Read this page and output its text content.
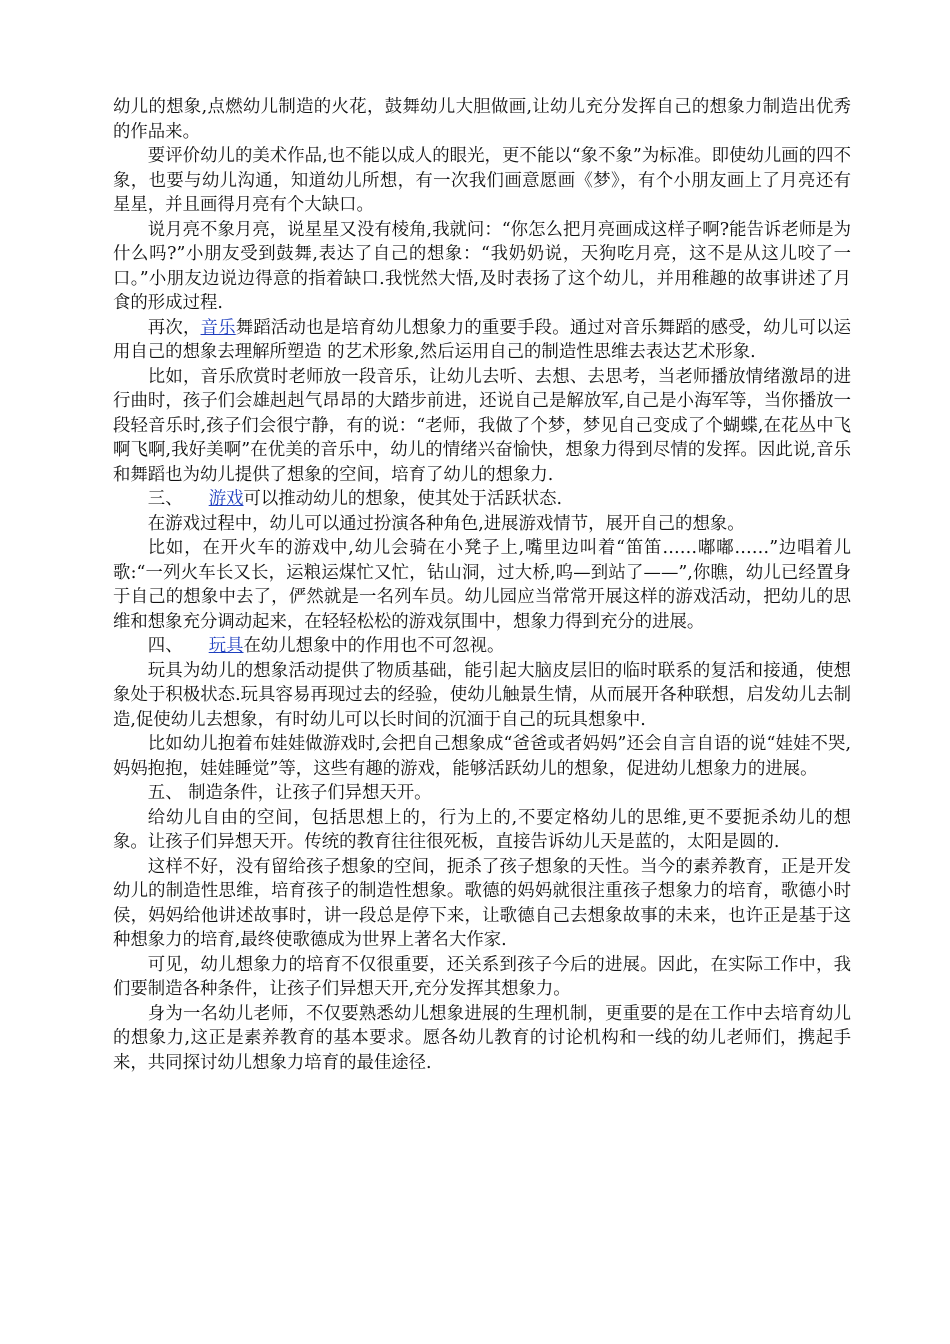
幼儿的想象,点燃幼儿制造的火花，鼓舞幼儿大胆做画,让幼儿充分发挥自己的想象力制造出优秀的作品来。

要评价幼儿的美术作品,也不能以成人的眼光，更不能以“象不象”为标准。即使幼儿画的四不象，也要与幼儿沟通，知道幼儿所想，有一次我们画意愿画《梦》，有个小朋友画上了月亮还有星星，并且画得月亮有个大缺口。

说月亮不象月亮，说星星又没有棱角,我就问：“你怎么把月亮画成这样子啊?能告诉老师是为什么吗?”小朋友受到鼓舞,表达了自己的想象：“我奶奶说，天狗吃月亮，这不是从这儿咬了一口。”小朋友边说边得意的指着缺口.我恍然大悟,及时表扬了这个幼儿，并用稚趣的故事讲述了月食的形成过程.

再次，音乐舞蹈活动也是培育幼儿想象力的重要手段。通过对音乐舞蹈的感受，幼儿可以运用自己的想象去理解所塑造 的艺术形象,然后运用自己的制造性思维去表达艺术形象.

比如，音乐欣赏时老师放一段音乐，让幼儿去听、去想、去思考，当老师播放情绪激昂的进行曲时，孩子们会雄赳赳气昂昂的大踏步前进，还说自己是解放军,自己是小海军等，当你播放一段轻音乐时,孩子们会很宁静，有的说：“老师，我做了个梦，梦见自己变成了个蝴蝶,在花丛中飞啊飞啊,我好美啊”在优美的音乐中，幼儿的情绪兴奋愉快，想象力得到尽情的发挥。因此说,音乐和舞蹈也为幼儿提供了想象的空间，培育了幼儿的想象力.

三、 游戏可以推动幼儿的想象，使其处于活跃状态.

在游戏过程中，幼儿可以通过扮演各种角色,进展游戏情节，展开自己的想象。

比如，在开火车的游戏中,幼儿会骑在小凳子上,嘴里边叫着“笛笛……嘟嘟……”边唱着儿歌:“一列火车长又长，运粮运煤忙又忙，钻山洞，过大桥,呜—到站了——”,你瞧，幼儿已经置身于自己的想象中去了，俨然就是一名列车员。幼儿园应当常常开展这样的游戏活动，把幼儿的思维和想象充分调动起来，在轻轻松松的游戏氛围中，想象力得到充分的进展。

四、 玩具在幼儿想象中的作用也不可忽视。

玩具为幼儿的想象活动提供了物质基础，能引起大脑皮层旧的临时联系的复活和接通，使想象处于积极状态.玩具容易再现过去的经验，使幼儿触景生情，从而展开各种联想，启发幼儿去制造,促使幼儿去想象，有时幼儿可以长时间的沉湎于自己的玩具想象中.

比如幼儿抱着布娃娃做游戏时,会把自己想象成“爸爸或者妈妈”还会自言自语的说“娃娃不哭,妈妈抱抱，娃娃睡觉”等，这些有趣的游戏，能够活跃幼儿的想象，促进幼儿想象力的进展。

五、 制造条件，让孩子们异想天开。

给幼儿自由的空间，包括思想上的，行为上的,不要定格幼儿的思维,更不要扼杀幼儿的想象。让孩子们异想天开。传统的教育往往很死板，直接告诉幼儿天是蓝的，太阳是圆的.

这样不好，没有留给孩子想象的空间，扼杀了孩子想象的天性。当今的素养教育，正是开发幼儿的制造性思维，培育孩子的制造性想象。歌德的妈妈就很注重孩子想象力的培育，歌德小时侯，妈妈给他讲述故事时，讲一段总是停下来，让歌德自己去想象故事的未来，也许正是基于这种想象力的培育,最终使歌德成为世界上著名大作家.

可见，幼儿想象力的培育不仅很重要，还关系到孩子今后的进展。因此，在实际工作中，我们要制造各种条件，让孩子们异想天开,充分发挥其想象力。

身为一名幼儿老师，不仅要熟悉幼儿想象进展的生理机制，更重要的是在工作中去培育幼儿的想象力,这正是素养教育的基本要求。愿各幼儿教育的讨论机构和一线的幼儿老师们，携起手来，共同探讨幼儿想象力培育的最佳途径.
